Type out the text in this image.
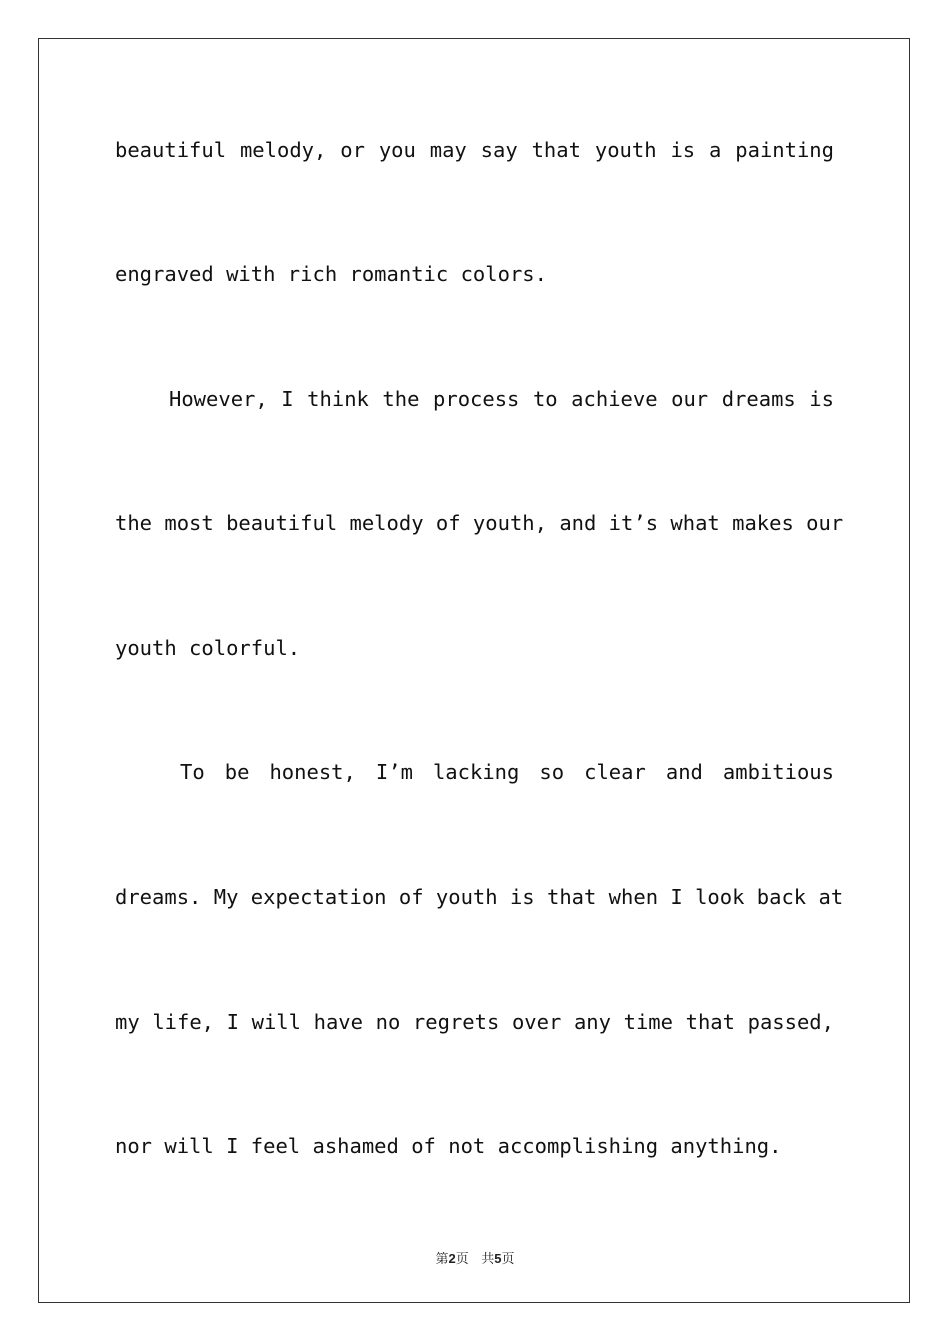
beautiful melody, or you may say that youth is a painting
engraved with rich romantic colors.
However, I think the process to achieve our dreams is
the most beautiful melody of youth, and it’s what makes our
youth colorful.
To be honest, I’m lacking so clear and ambitious
dreams. My expectation of youth is that when I look back at
my life, I will have no regrets over any time that passed,
nor will I feel ashamed of not accomplishing anything.
第2页 共5页
